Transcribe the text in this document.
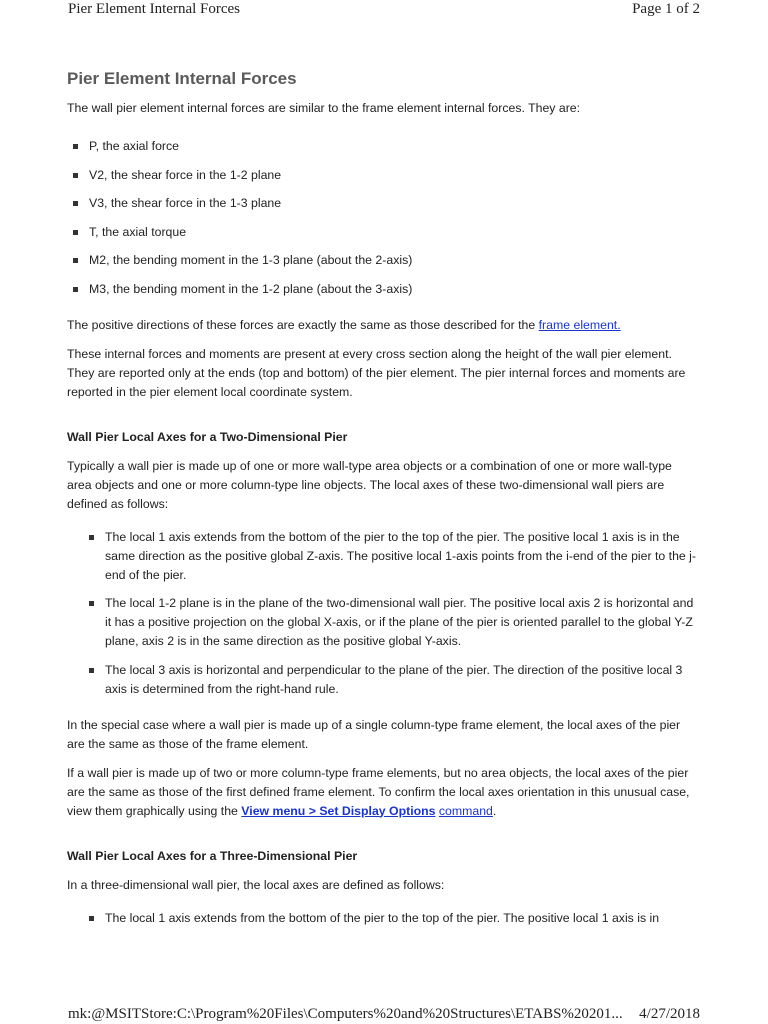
Pier Element Internal Forces	Page 1 of 2
Pier Element Internal Forces

The wall pier element internal forces are similar to the frame element internal forces. They are:

P, the axial force
V2, the shear force in the 1-2 plane
V3, the shear force in the 1-3 plane
T, the axial torque
M2, the bending moment in the 1-3 plane (about the 2-axis)
M3, the bending moment in the 1-2 plane (about the 3-axis)

The positive directions of these forces are exactly the same as those described for the frame element.

These internal forces and moments are present at every cross section along the height of the wall pier element. They are reported only at the ends (top and bottom) of the pier element. The pier internal forces and moments are reported in the pier element local coordinate system.

Wall Pier Local Axes for a Two-Dimensional Pier

Typically a wall pier is made up of one or more wall-type area objects or a combination of one or more wall-type area objects and one or more column-type line objects. The local axes of these two-dimensional wall piers are defined as follows:

The local 1 axis extends from the bottom of the pier to the top of the pier. The positive local 1 axis is in the same direction as the positive global Z-axis. The positive local 1-axis points from the i-end of the pier to the j-end of the pier.
The local 1-2 plane is in the plane of the two-dimensional wall pier. The positive local axis 2 is horizontal and it has a positive projection on the global X-axis, or if the plane of the pier is oriented parallel to the global Y-Z plane, axis 2 is in the same direction as the positive global Y-axis.
The local 3 axis is horizontal and perpendicular to the plane of the pier. The direction of the positive local 3 axis is determined from the right-hand rule.

In the special case where a wall pier is made up of a single column-type frame element, the local axes of the pier are the same as those of the frame element.

If a wall pier is made up of two or more column-type frame elements, but no area objects, the local axes of the pier are the same as those of the first defined frame element. To confirm the local axes orientation in this unusual case, view them graphically using the View menu > Set Display Options command.

Wall Pier Local Axes for a Three-Dimensional Pier

In a three-dimensional wall pier, the local axes are defined as follows:

The local 1 axis extends from the bottom of the pier to the top of the pier. The positive local 1 axis is in
mk:@MSITStore:C:\Program%20Files\Computers%20and%20Structures\ETABS%20201... 4/27/2018
